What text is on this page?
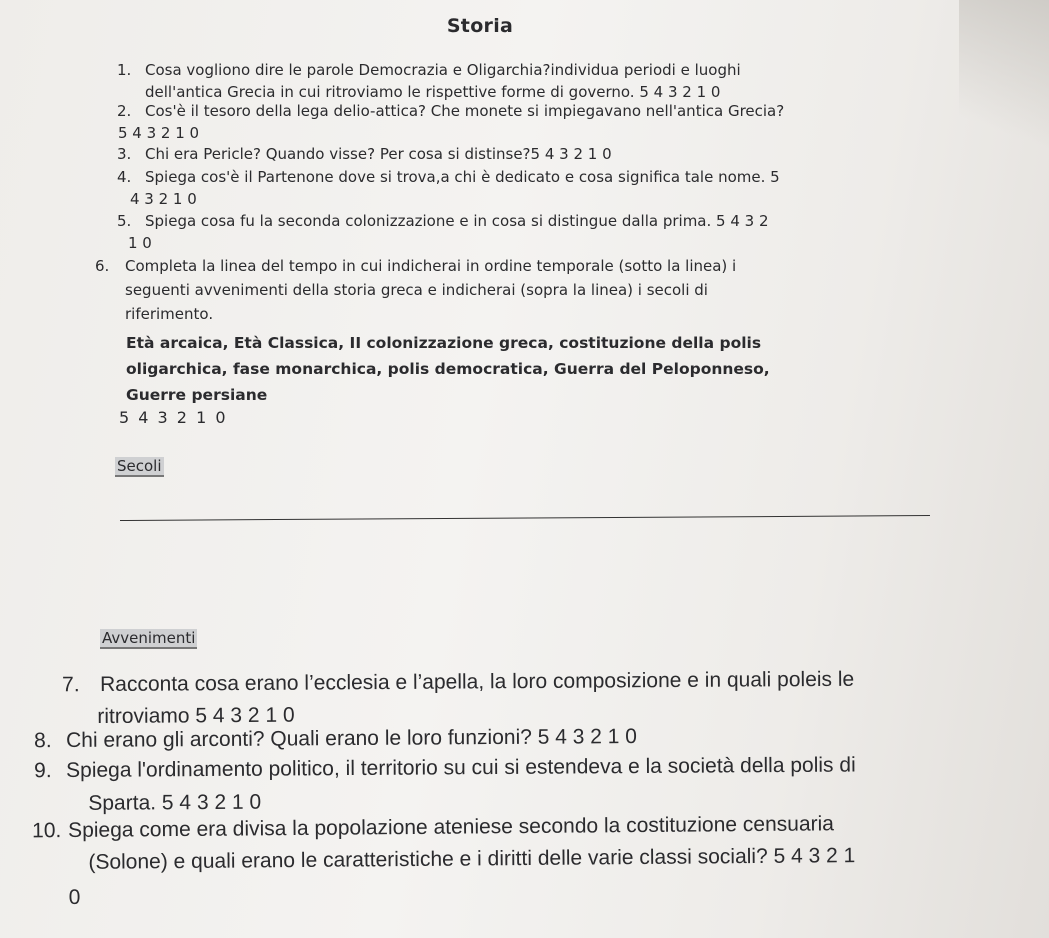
Storia
1. Cosa vogliono dire le parole Democrazia e Oligarchia?individua periodi e luoghi
dell'antica Grecia in cui ritroviamo le rispettive forme di governo. 5 4 3 2 1 0
2. Cos'è il tesoro della lega delio-attica? Che monete si impiegavano nell'antica Grecia?
5 4 3 2 1 0
3. Chi era Pericle? Quando visse? Per cosa si distinse?5 4 3 2 1 0
4. Spiega cos'è il Partenone dove si trova,a chi è dedicato e cosa significa tale nome. 5
4 3 2 1 0
5. Spiega cosa fu la seconda colonizzazione e in cosa si distingue dalla prima. 5 4 3 2
1 0
6. Completa la linea del tempo in cui indicherai in ordine temporale (sotto la linea) i
seguenti avvenimenti della storia greca e indicherai (sopra la linea) i secoli di
riferimento.
Età arcaica, Età Classica, II colonizzazione greca, costituzione della polis
oligarchica, fase monarchica, polis democratica, Guerra del Peloponneso,
Guerre persiane
5 4 3 2 1 0
Secoli
Avvenimenti
7. Racconta cosa erano l’ecclesia e l’apella, la loro composizione e in quali poleis le
ritroviamo 5 4 3 2 1 0
8. Chi erano gli arconti? Quali erano le loro funzioni? 5 4 3 2 1 0
9. Spiega l'ordinamento politico, il territorio su cui si estendeva e la società della polis di
Sparta. 5 4 3 2 1 0
10. Spiega come era divisa la popolazione ateniese secondo la costituzione censuaria
(Solone) e quali erano le caratteristiche e i diritti delle varie classi sociali? 5 4 3 2 1
0
